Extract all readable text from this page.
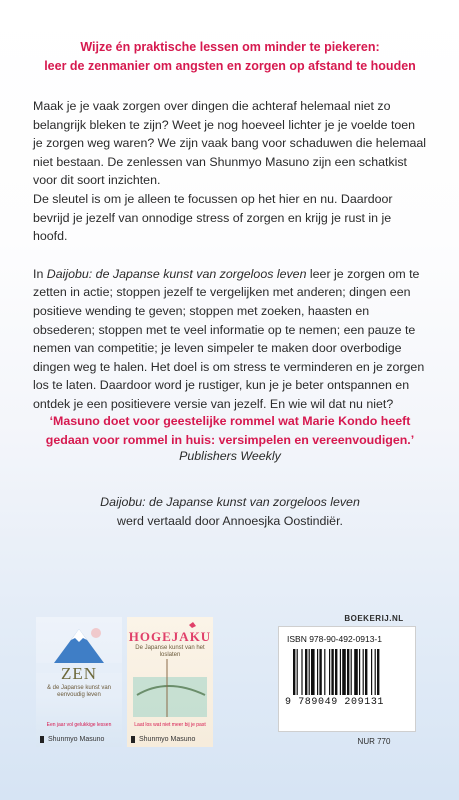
Wijze én praktische lessen om minder te piekeren:
leer de zenmanier om angsten en zorgen op afstand te houden

Maak je je vaak zorgen over dingen die achteraf helemaal niet zo belangrijk bleken te zijn? Weet je nog hoeveel lichter je je voelde toen je zorgen weg waren? We zijn vaak bang voor schaduwen die helemaal niet bestaan. De zenlessen van Shunmyo Masuno zijn een schatkist voor dit soort inzichten.

De sleutel is om je alleen te focussen op het hier en nu. Daardoor bevrijd je jezelf van onnodige stress of zorgen en krijg je rust in je hoofd.

In Daijobu: de Japanse kunst van zorgeloos leven leer je zorgen om te zetten in actie; stoppen jezelf te vergelijken met anderen; dingen een positieve wending te geven; stoppen met zoeken, haasten en obsederen; stoppen met te veel informatie op te nemen; een pauze te nemen van competitie; je leven simpeler te maken door overbodige dingen weg te halen. Het doel is om stress te verminderen en je zorgen los te laten. Daardoor word je rustiger, kun je je beter ontspannen en ontdek je een positievere versie van jezelf. En wie wil dat nu niet?

‘Masuno doet voor geestelijke rommel wat Marie Kondo heeft gedaan voor rommel in huis: versimpelen en vereenvoudigen.’
Publishers Weekly
Daijobu: de Japanse kunst van zorgeloos leven
werd vertaald door Annoesjka Oostindiër.
ZEN
& de Japanse kunst van eenvoudig leven
Een jaar vol gelukkige lessen
Shunmyo Masuno
HOGEJAKU
De Japanse kunst van het loslaten
Laat los wat niet meer bij je past
Shunmyo Masuno
BOEKERIJ.NL
ISBN 978-90-492-0913-1
9 789049 209131
NUR 770
